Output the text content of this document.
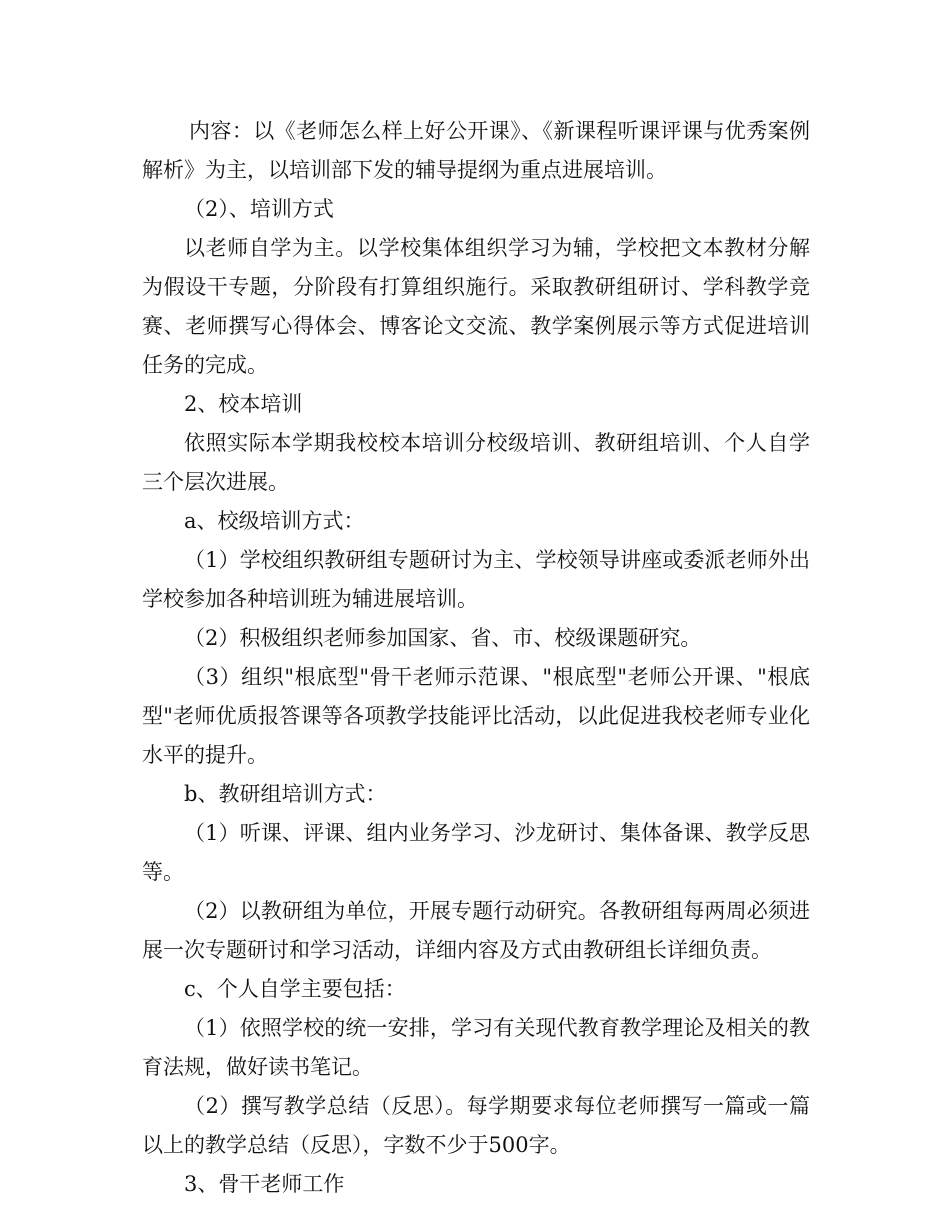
内容：以《老师怎么样上好公开课》、《新课程听课评课与优秀案例解析》为主，以培训部下发的辅导提纲为重点进展培训。

（2）、培训方式

以老师自学为主。以学校集体组织学习为辅，学校把文本教材分解为假设干专题，分阶段有打算组织施行。采取教研组研讨、学科教学竞赛、老师撰写心得体会、博客论文交流、教学案例展示等方式促进培训任务的完成。

2、校本培训

依照实际本学期我校校本培训分校级培训、教研组培训、个人自学三个层次进展。

a、校级培训方式：

（1）学校组织教研组专题研讨为主、学校领导讲座或委派老师外出学校参加各种培训班为辅进展培训。

（2）积极组织老师参加国家、省、市、校级课题研究。

（3）组织"根底型"骨干老师示范课、"根底型"老师公开课、"根底型"老师优质报答课等各项教学技能评比活动，以此促进我校老师专业化水平的提升。

b、教研组培训方式：

（1）听课、评课、组内业务学习、沙龙研讨、集体备课、教学反思等。

（2）以教研组为单位，开展专题行动研究。各教研组每两周必须进展一次专题研讨和学习活动，详细内容及方式由教研组长详细负责。

c、个人自学主要包括：

（1）依照学校的统一安排，学习有关现代教育教学理论及相关的教育法规，做好读书笔记。

（2）撰写教学总结（反思）。每学期要求每位老师撰写一篇或一篇以上的教学总结（反思），字数不少于500字。

3、骨干老师工作
